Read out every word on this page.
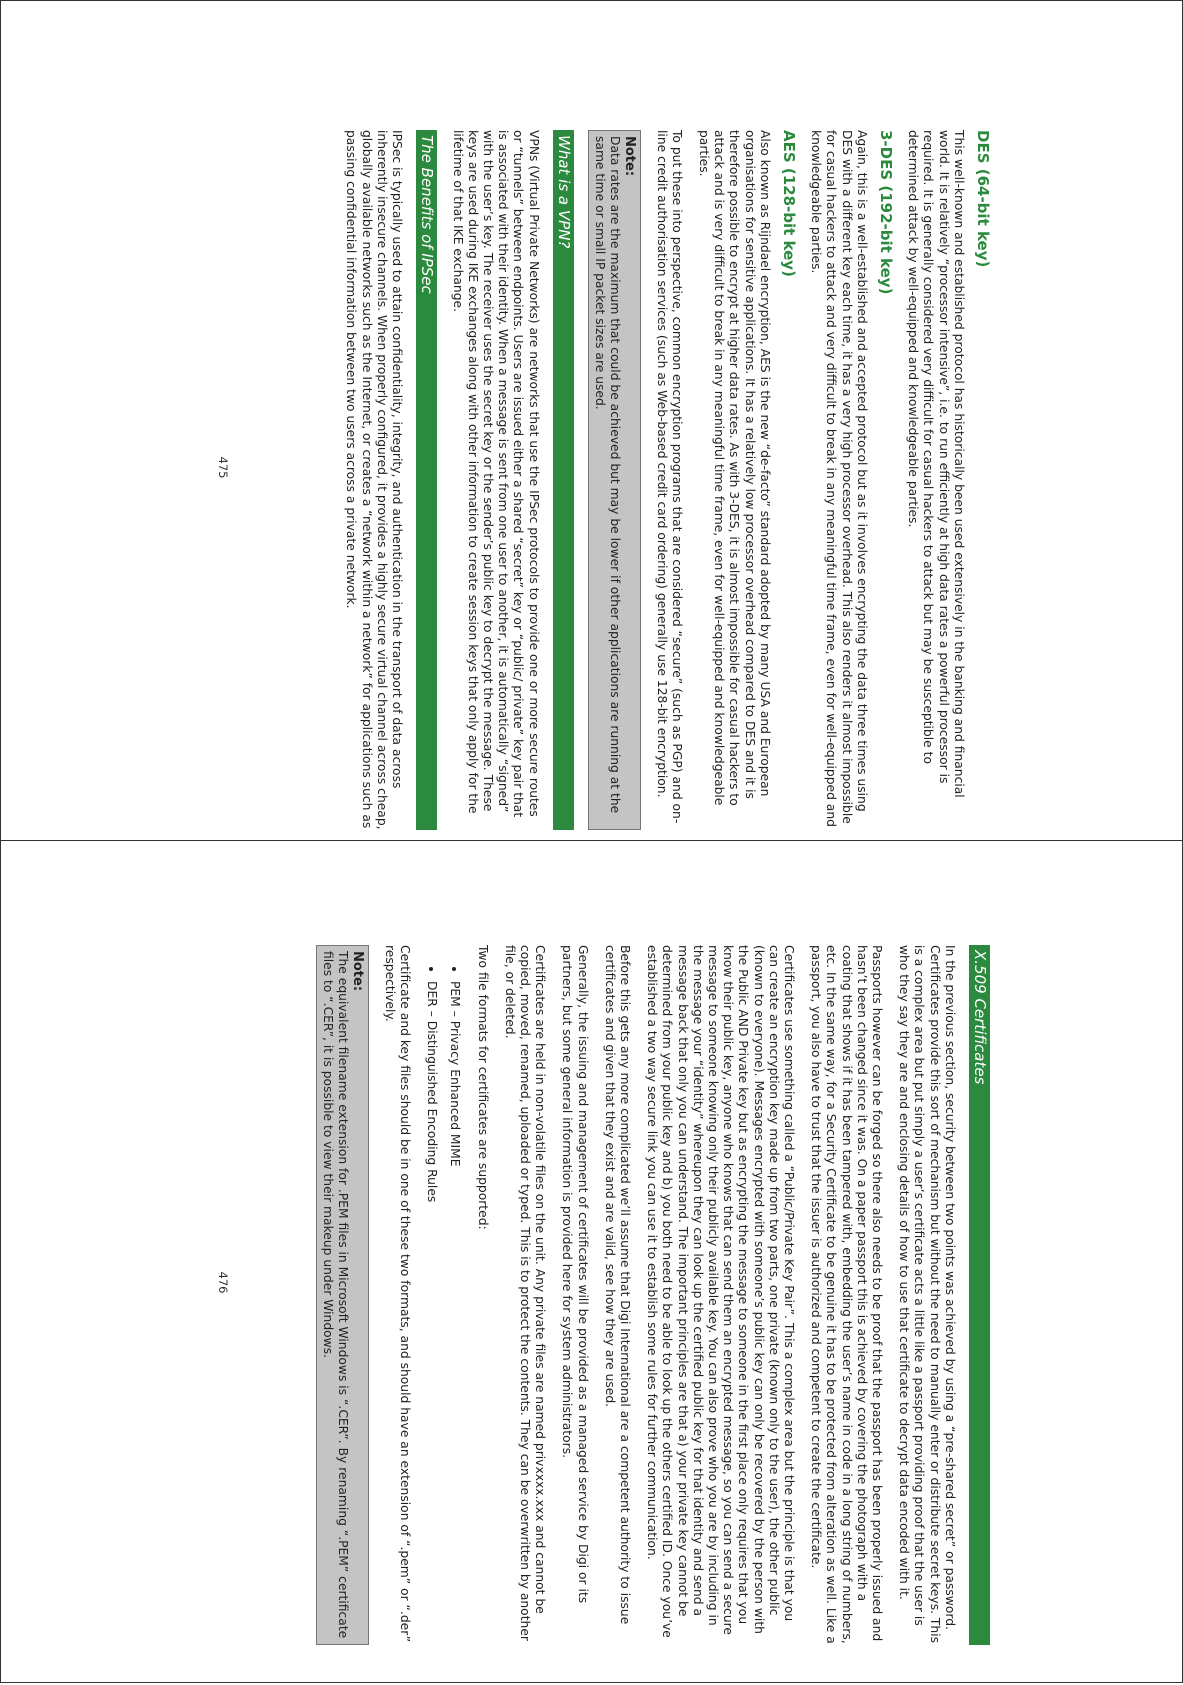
DES (64-bit key)

This well-known and established protocol has historically been used extensively in the banking and financial world. It is relatively “processor intensive”, i.e. to run efficiently at high data rates a powerful processor is required. It is generally considered very difficult for casual hackers to attack but may be susceptible to determined attack by well-equipped and knowledgeable parties.

3-DES (192-bit key)

Again, this is a well-established and accepted protocol but as it involves encrypting the data three times using DES with a different key each time, it has a very high processor overhead. This also renders it almost impossible for casual hackers to attack and very difficult to break in any meaningful time frame, even for well-equipped and knowledgeable parties.

AES (128-bit key)

Also known as Rijndael encryption, AES is the new “de-facto” standard adopted by many USA and European organisations for sensitive applications. It has a relatively low processor overhead compared to DES and it is therefore possible to encrypt at higher data rates. As with 3-DES, it is almost impossible for casual hackers to attack and is very difficult to break in any meaningful time frame, even for well-equipped and knowledgeable parties.

To put these into perspective, common encryption programs that are considered “secure” (such as PGP) and on-line credit authorisation services (such as Web-based credit card ordering) generally use 128-bit encryption.

Note:
Data rates are the maximum that could be achieved but may be lower if other applications are running at the same time or small IP packet sizes are used.
What is a VPN?

VPNs (Virtual Private Networks) are networks that use the IPSec protocols to provide one or more secure routes or “tunnels” between endpoints. Users are issued either a shared “secret” key or “public/ private” key pair that is associated with their identity. When a message is sent from one user to another, it is automatically “signed” with the user’s key. The receiver uses the secret key or the sender’s public key to decrypt the message. These keys are used during IKE exchanges along with other information to create session keys that only apply for the lifetime of that IKE exchange.

The Benefits of IPSec

IPSec is typically used to attain confidentiality, integrity, and authentication in the transport of data across inherently insecure channels. When properly configured, it provides a highly secure virtual channel across cheap, globally available networks such as the Internet, or creates a “network within a network” for applications such as passing confidential information between two users across a private network.

475
X.509 Certificates

In the previous section, security between two points was achieved by using a “pre-shared secret” or password. Certificates provide this sort of mechanism but without the need to manually enter or distribute secret keys. This is a complex area but put simply a user’s certificate acts a little like a passport providing proof that the user is who they say they are and enclosing details of how to use that certificate to decrypt data encoded with it.

Passports however can be forged so there also needs to be proof that the passport has been properly issued and hasn’t been changed since it was. On a paper passport this is achieved by covering the photograph with a coating that shows if it has been tampered with, embedding the user’s name in code in a long string of numbers, etc. In the same way, for a Security Certificate to be genuine it has to be protected from alteration as well. Like a passport, you also have to trust that the issuer is authorized and competent to create the certificate.

Certificates use something called a “Public/Private Key Pair”. This a complex area but the principle is that you can create an encryption key made up from two parts, one private (known only to the user), the other public (known to everyone). Messages encrypted with someone’s public key can only be recovered by the person with the Public AND Private key but as encrypting the message to someone in the first place only requires that you know their public key, anyone who knows that can send them an encrypted message, so you can send a secure message to someone knowing only their publicly available key. You can also prove who you are by including in the message your “identity” whereupon they can look up the certified public key for that identity and send a message back that only you can understand. The important principles are that a) your private key cannot be determined from your public key and b) you both need to be able to look up the others certified ID. Once you’ve established a two way secure link you can use it to establish some rules for further communication.

Before this gets any more complicated we’ll assume that Digi International are a competent authority to issue certificates and given that they exist and are valid, see how they are used.

Generally, the issuing and management of certificates will be provided as a managed service by Digi or its partners, but some general information is provided here for system administrators.

Certificates are held in non-volatile files on the unit. Any private files are named privxxxx.xxx and cannot be copied, moved, renamed, uploaded or typed. This is to protect the contents. They can be overwritten by another file, or deleted.

Two file formats for certificates are supported:

• PEM – Privacy Enhanced MIME
• DER – Distinguished Encoding Rules

Certificate and key files should be in one of these two formats, and should have an extension of “.pem” or “.der” respectively.

Note:
The equivalent filename extension for .PEM files in Microsoft Windows is “.CER”. By renaming “.PEM” certificate files to “.CER”, it is possible to view their makeup under Windows.
476
